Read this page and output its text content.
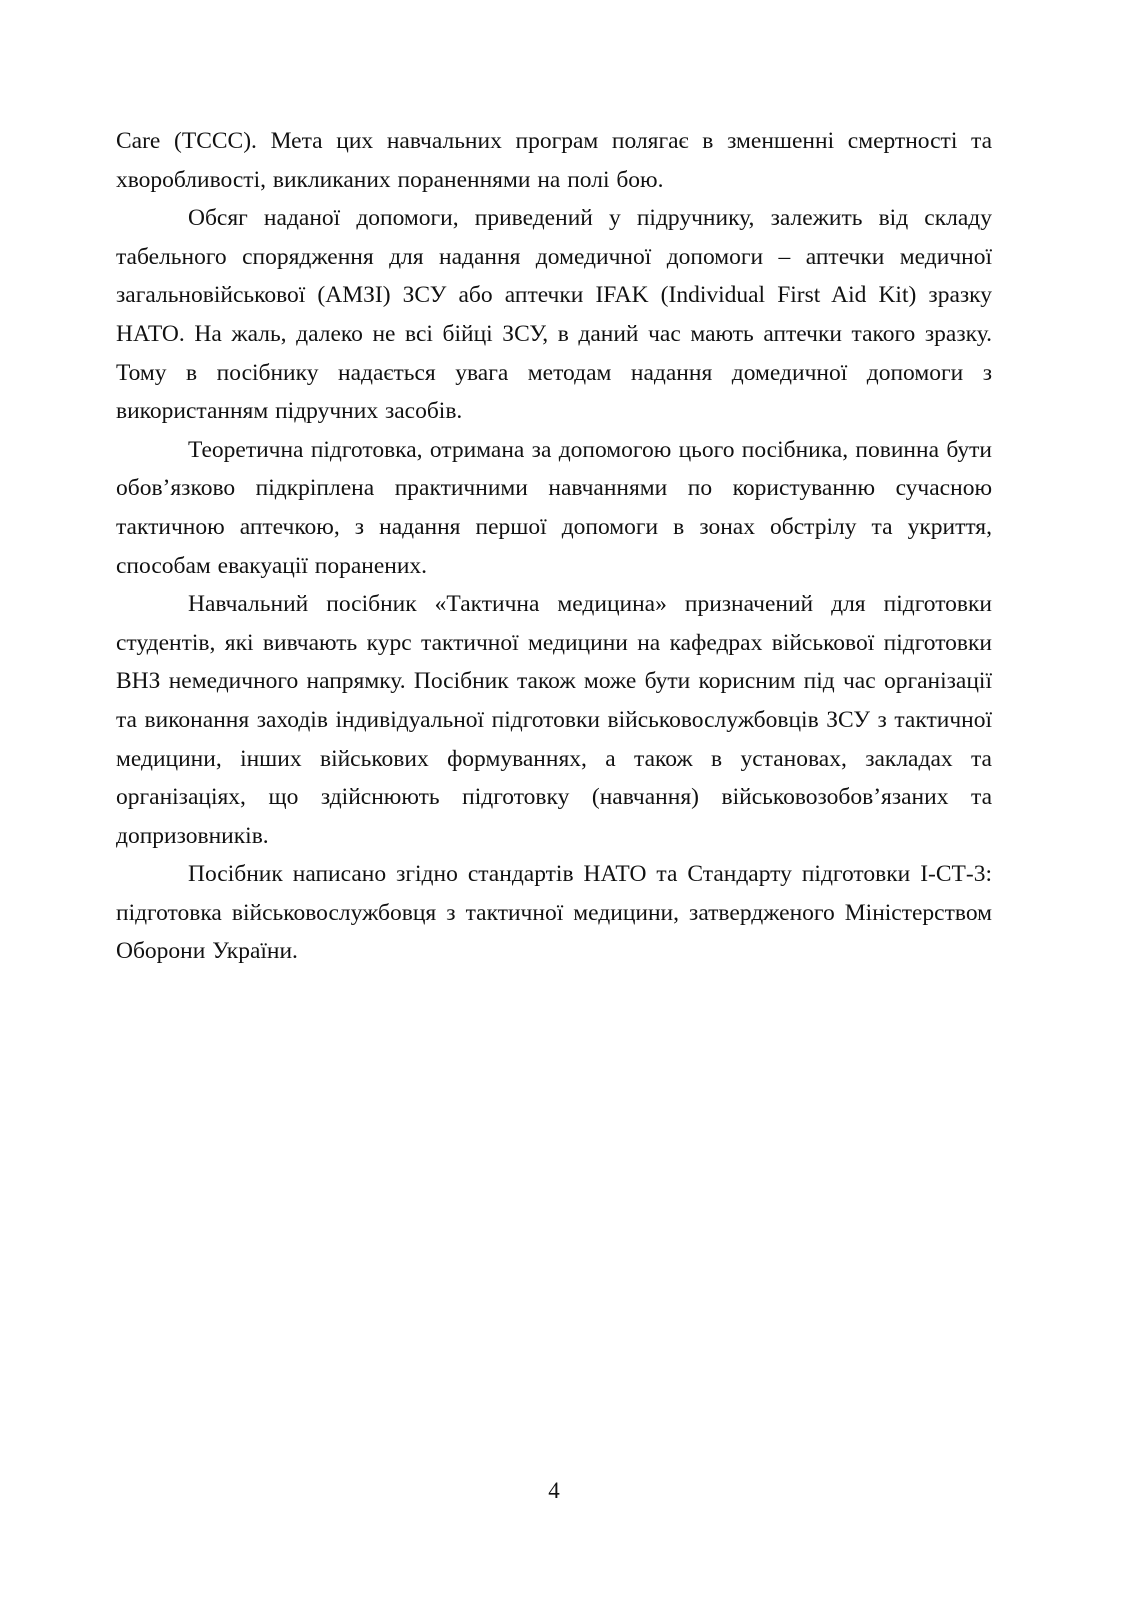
Care (ТССС). Мета цих навчальних програм полягає в зменшенні смертності та хворобливості, викликаних пораненнями на полі бою.

Обсяг наданої допомоги, приведений у підручнику, залежить від складу табельного спорядження для надання домедичної допомоги – аптечки медичної загальновійськової (АМЗІ) ЗСУ або аптечки IFAK (Individual First Aid Kit) зразку НАТО. На жаль, далеко не всі бійці ЗСУ, в даний час мають аптечки такого зразку. Тому в посібнику надається увага методам надання домедичної допомоги з використанням підручних засобів.

Теоретична підготовка, отримана за допомогою цього посібника, повинна бути обов’язково підкріплена практичними навчаннями по користуванню сучасною тактичною аптечкою, з надання першої допомоги в зонах обстрілу та укриття, способам евакуації поранених.

Навчальний посібник «Тактична медицина» призначений для підготовки студентів, які вивчають курс тактичної медицини на кафедрах військової підготовки ВНЗ немедичного напрямку. Посібник також може бути корисним під час організації та виконання заходів індивідуальної підготовки військовослужбовців ЗСУ з тактичної медицини, інших військових формуваннях, а також в установах, закладах та організаціях, що здійснюють підготовку (навчання) військовозобов’язаних та допризовників.

Посібник написано згідно стандартів НАТО та Стандарту підготовки І-СТ-3: підготовка військовослужбовця з тактичної медицини, затвердженого Міністерством Оборони України.

4
